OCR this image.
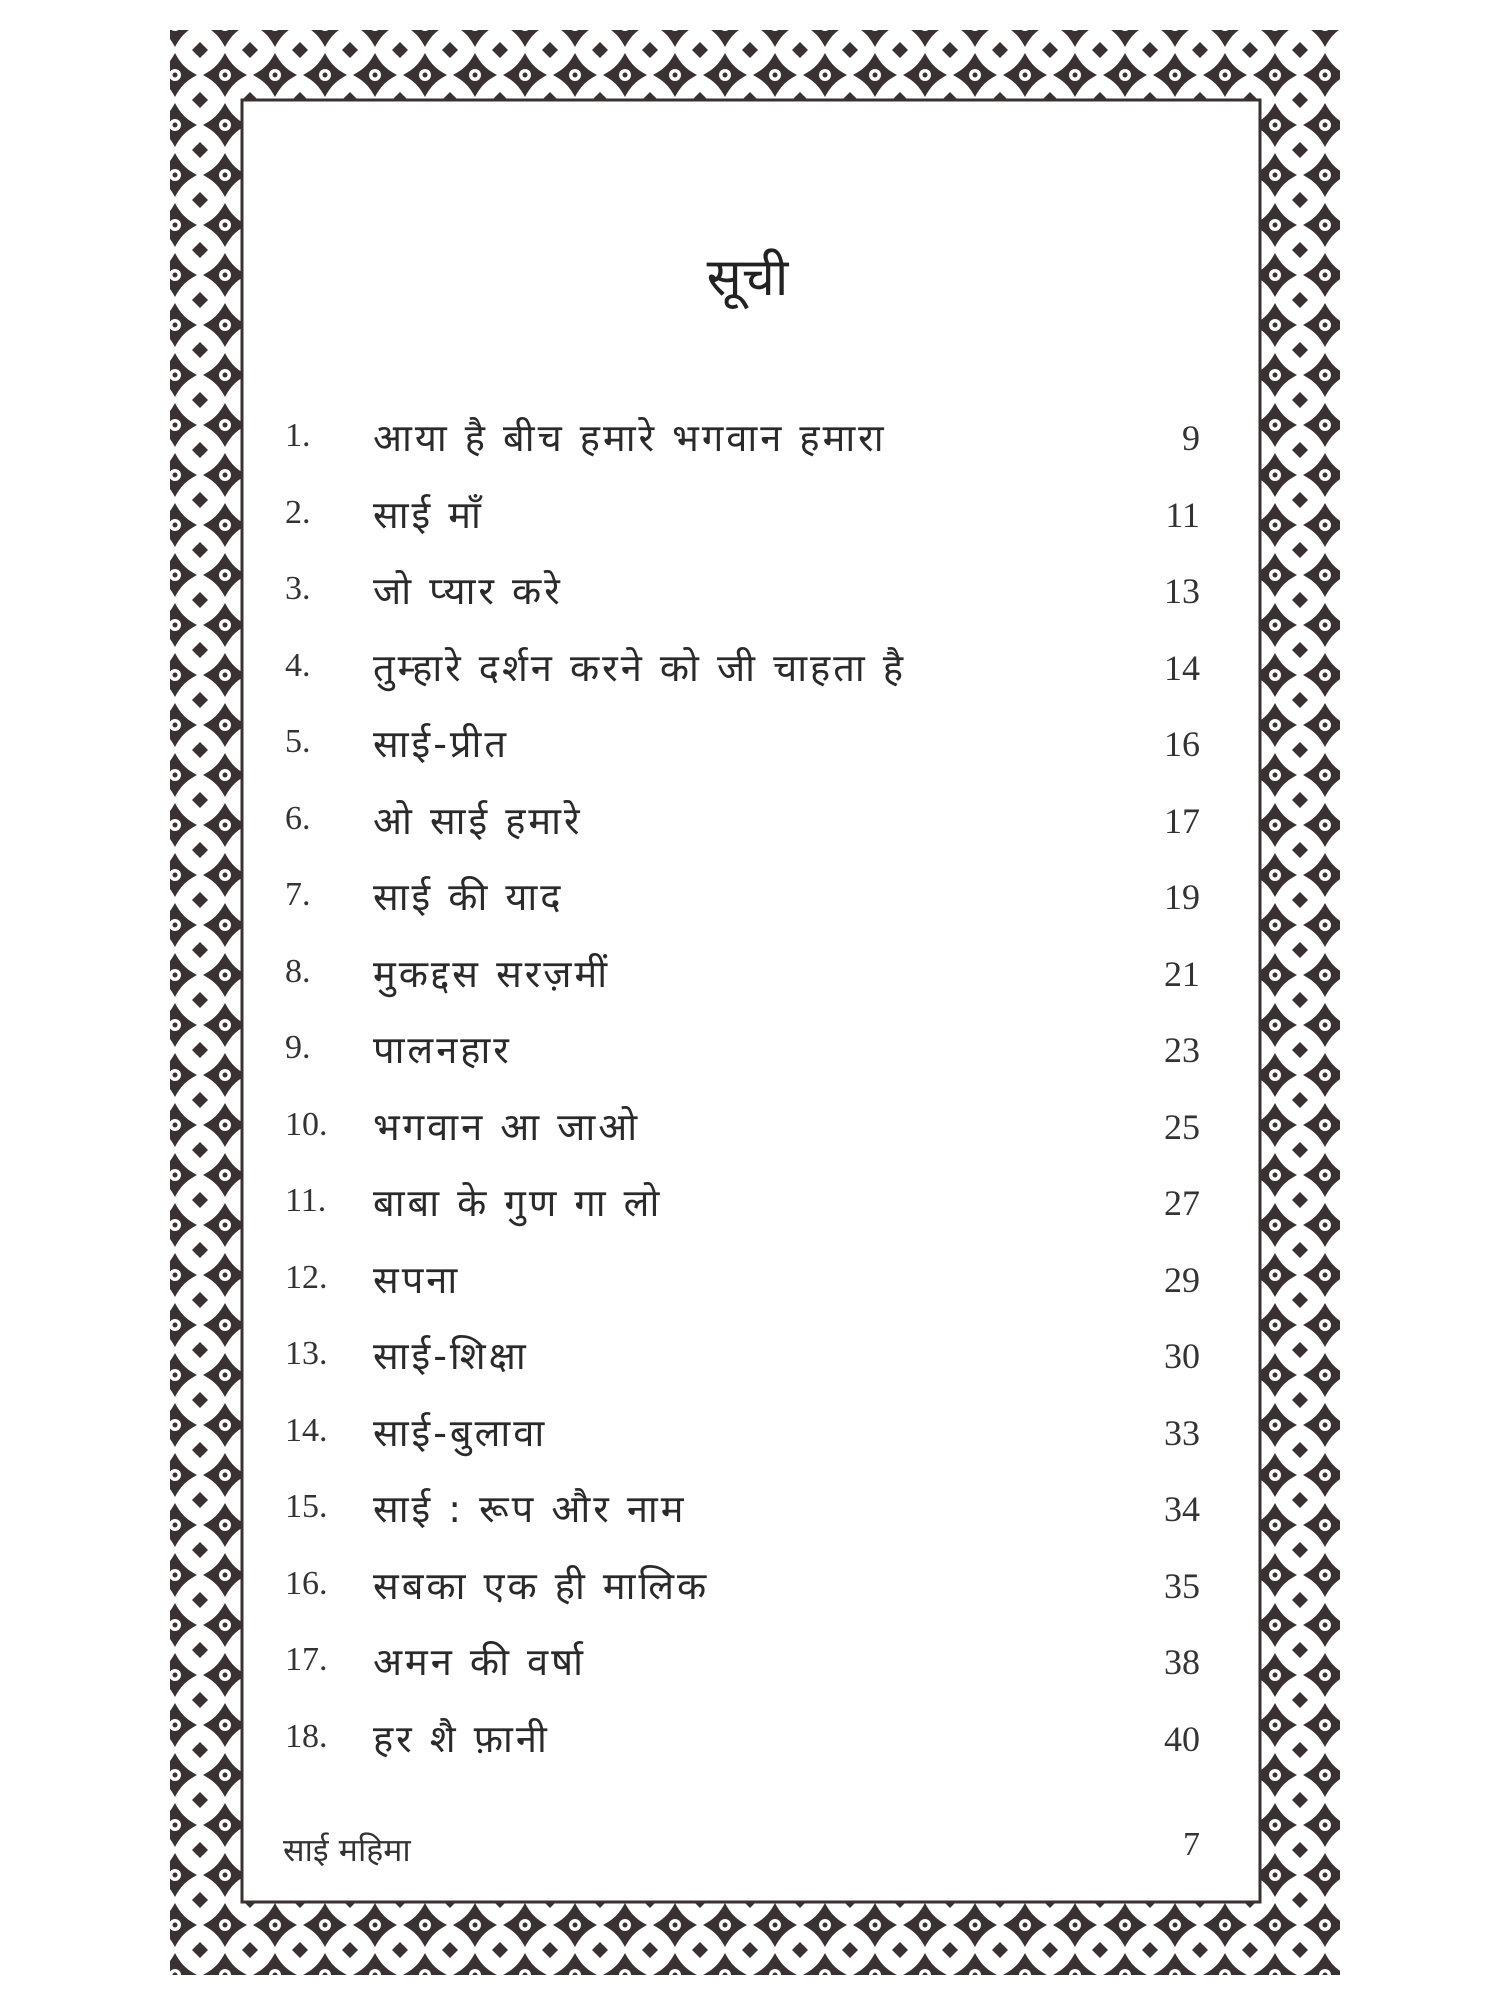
सूची
1. आया है बीच हमारे भगवान हमारा	9
2. साई माँ	11
3. जो प्यार करे	13
4. तुम्हारे दर्शन करने को जी चाहता है	14
5. साई-प्रीत	16
6. ओ साई हमारे	17
7. साई की याद	19
8. मुकद्दस सरज़मीं	21
9. पालनहार	23
10. भगवान आ जाओ	25
11. बाबा के गुण गा लो	27
12. सपना	29
13. साई-शिक्षा	30
14. साई-बुलावा	33
15. साई : रूप और नाम	34
16. सबका एक ही मालिक	35
17. अमन की वर्षा	38
18. हर शै फ़ानी	40
साई महिमा	7
